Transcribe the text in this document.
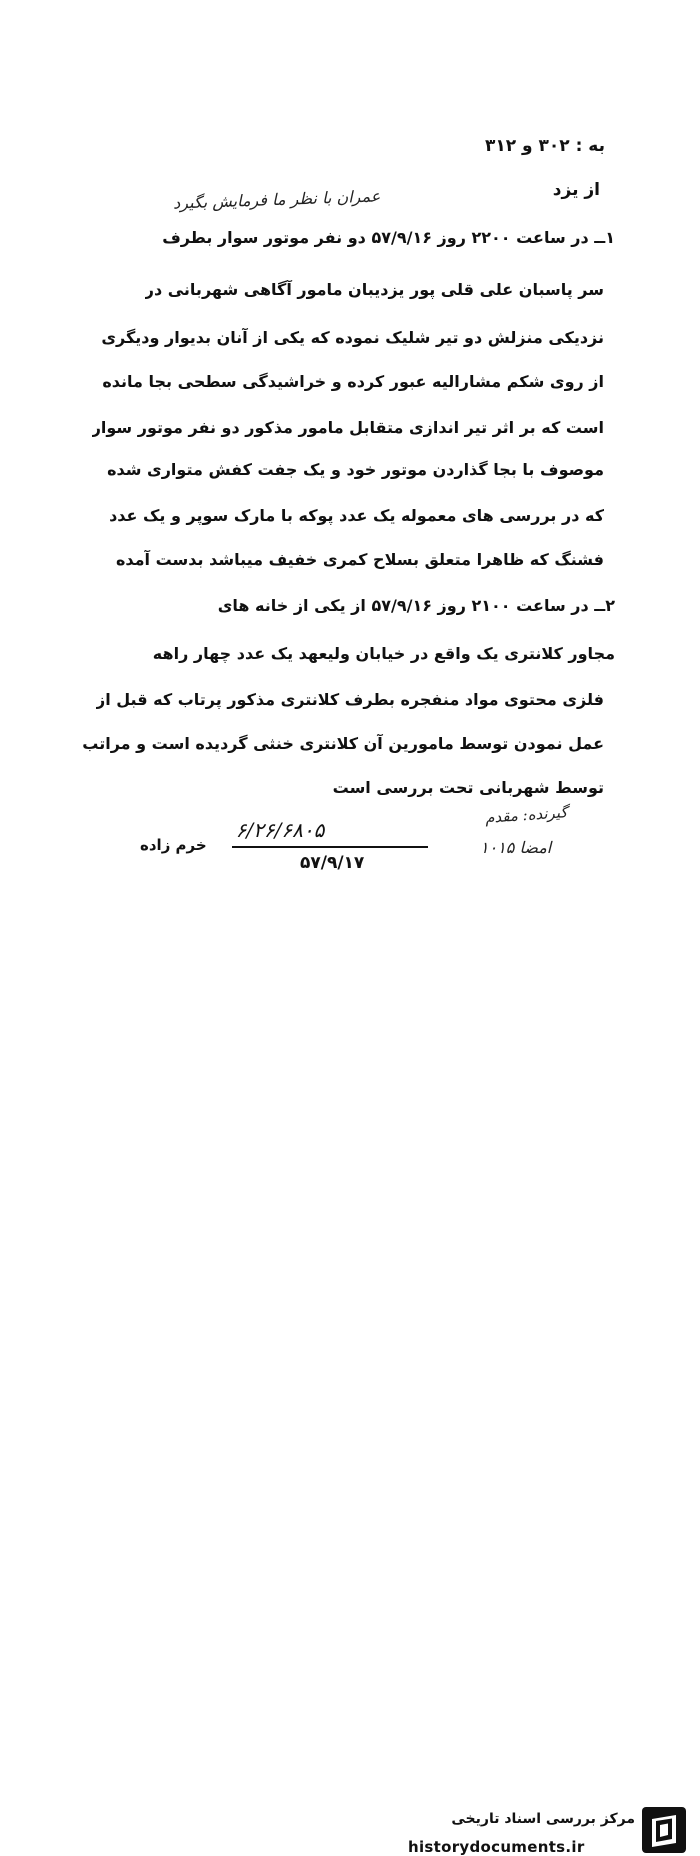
به : ۳۰۲ و ۳۱۲
از یزد
عمران با نظر ما فرمایش بگیرد
۱ــ در ساعت ۲۲۰۰ روز ۵۷/۹/۱۶ دو نفر موتور سوار بطرف
سر پاسبان علی قلی پور یزدیبان مامور آگاهی شهربانی در
نزدیکی منزلش دو تیر شلیک نموده که یکی از آنان بدیوار ودیگری
از روی شکم مشارالیه عبور کرده و خراشیدگی سطحی بجا مانده
است که بر اثر تیر اندازی متقابل مامور مذکور دو نفر موتور سوار
موصوف با بجا گذاردن موتور خود و یک جفت کفش متواری شده
که در بررسی های معموله یک عدد پوکه با مارک سوپر و یک عدد
فشنگ که ظاهرا متعلق بسلاح کمری خفیف میباشد بدست آمده
۲ــ در ساعت ۲۱۰۰ روز ۵۷/۹/۱۶ از یکی از خانه های
مجاور کلانتری یک واقع در خیابان ولیعهد یک عدد چهار راهه
فلزی محتوی مواد منفجره بطرف کلانتری مذکور پرتاب که قبل از
عمل نمودن توسط مامورین آن کلانتری خنثی گردیده است و مراتب
توسط شهربانی تحت بررسی است
۶/۲۶/۶۸۰۵
خرم زاده
۵۷/۹/۱۷
گیرنده: مقدم
امضا ۱۰۱۵
مرکز بررسی اسناد تاریخی
historydocuments.ir
